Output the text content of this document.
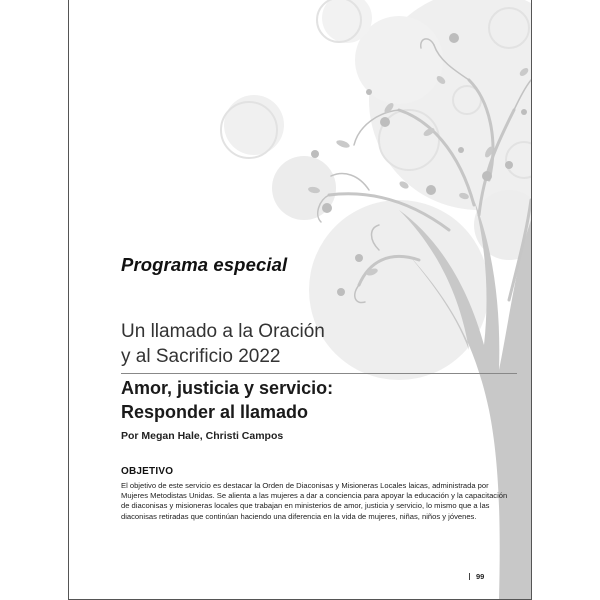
Programa especial
Un llamado a la Oración
y al Sacrificio 2022
Amor, justicia y servicio:
Responder al llamado
Por Megan Hale, Christi Campos
OBJETIVO
El objetivo de este servicio es destacar la Orden de Diaconisas y Misioneras Locales laicas, administrada por Mujeres Metodistas Unidas. Se alienta a las mujeres a dar a conciencia para apoyar la educación y la capacitación de diaconisas y misioneras locales que trabajan en ministerios de amor, justicia y servicio, lo mismo que a las diaconisas retiradas que continúan haciendo una diferencia en la vida de mujeres, niñas, niños y jóvenes.
99
